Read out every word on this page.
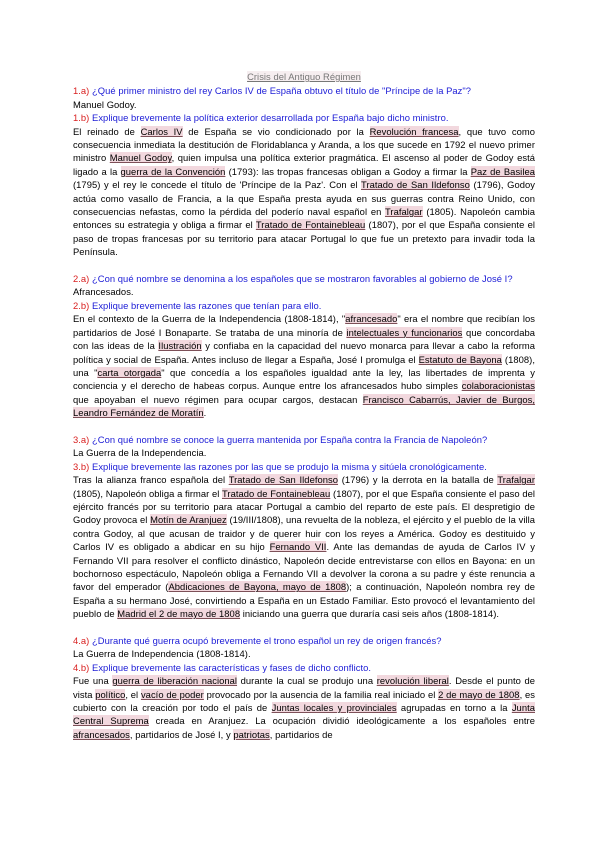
Crisis del Antiguo Régimen

1.a) ¿Qué primer ministro del rey Carlos IV de España obtuvo el título de "Príncipe de la Paz"?

Manuel Godoy.

1.b) Explique brevemente la política exterior desarrollada por España bajo dicho ministro.

El reinado de Carlos IV de España se vio condicionado por la Revolución francesa, que tuvo como consecuencia inmediata la destitución de Floridablanca y Aranda, a los que sucede en 1792 el nuevo primer ministro Manuel Godoy, quien impulsa una política exterior pragmática. El ascenso al poder de Godoy está ligado a la guerra de la Convención (1793): las tropas francesas obligan a Godoy a firmar la Paz de Basilea (1795) y el rey le concede el título de 'Príncipe de la Paz'. Con el Tratado de San Ildefonso (1796), Godoy actúa como vasallo de Francia, a la que España presta ayuda en sus guerras contra Reino Unido, con consecuencias nefastas, como la pérdida del poderío naval español en Trafalgar (1805). Napoleón cambia entonces su estrategia y obliga a firmar el Tratado de Fontainebleau (1807), por el que España consiente el paso de tropas francesas por su territorio para atacar Portugal lo que fue un pretexto para invadir toda la Península.

2.a) ¿Con qué nombre se denomina a los españoles que se mostraron favorables al gobierno de José I?

Afrancesados.

2.b) Explique brevemente las razones que tenían para ello.

En el contexto de la Guerra de la Independencia (1808-1814), "afrancesado" era el nombre que recibían los partidarios de José I Bonaparte. Se trataba de una minoría de intelectuales y funcionarios que concordaba con las ideas de la Ilustración y confiaba en la capacidad del nuevo monarca para llevar a cabo la reforma política y social de España. Antes incluso de llegar a España, José I promulga el Estatuto de Bayona (1808), una "carta otorgada" que concedía a los españoles igualdad ante la ley, las libertades de imprenta y conciencia y el derecho de habeas corpus. Aunque entre los afrancesados hubo simples colaboracionistas que apoyaban el nuevo régimen para ocupar cargos, destacan Francisco Cabarrús, Javier de Burgos, Leandro Fernández de Moratín.

3.a) ¿Con qué nombre se conoce la guerra mantenida por España contra la Francia de Napoleón?

La Guerra de la Independencia.

3.b) Explique brevemente las razones por las que se produjo la misma y sitúela cronológicamente.

Tras la alianza franco española del Tratado de San Ildefonso (1796) y la derrota en la batalla de Trafalgar (1805), Napoleón obliga a firmar el Tratado de Fontainebleau (1807), por el que España consiente el paso del ejército francés por su territorio para atacar Portugal a cambio del reparto de este país. El despretigio de Godoy provoca el Motín de Aranjuez (19/III/1808), una revuelta de la nobleza, el ejército y el pueblo de la villa contra Godoy, al que acusan de traidor y de querer huir con los reyes a América. Godoy es destituido y Carlos IV es obligado a abdicar en su hijo Fernando VII. Ante las demandas de ayuda de Carlos IV y Fernando VII para resolver el conflicto dinástico, Napoleón decide entrevistarse con ellos en Bayona: en un bochornoso espectáculo, Napoleón obliga a Fernando VII a devolver la corona a su padre y éste renuncia a favor del emperador (Abdicaciones de Bayona, mayo de 1808); a continuación, Napoleón nombra rey de España a su hermano José, convirtiendo a España en un Estado Familiar. Esto provocó el levantamiento del pueblo de Madrid el 2 de mayo de 1808 iniciando una guerra que duraría casi seis años (1808-1814).

4.a) ¿Durante qué guerra ocupó brevemente el trono español un rey de origen francés?

La Guerra de Independencia (1808-1814).

4.b) Explique brevemente las características y fases de dicho conflicto.

Fue una guerra de liberación nacional durante la cual se produjo una revolución liberal. Desde el punto de vista político, el vacío de poder provocado por la ausencia de la familia real iniciado el 2 de mayo de 1808, es cubierto con la creación por todo el país de Juntas locales y provinciales agrupadas en torno a la Junta Central Suprema creada en Aranjuez. La ocupación dividió ideológicamente a los españoles entre afrancesados, partidarios de José I, y patriotas, partidarios de
